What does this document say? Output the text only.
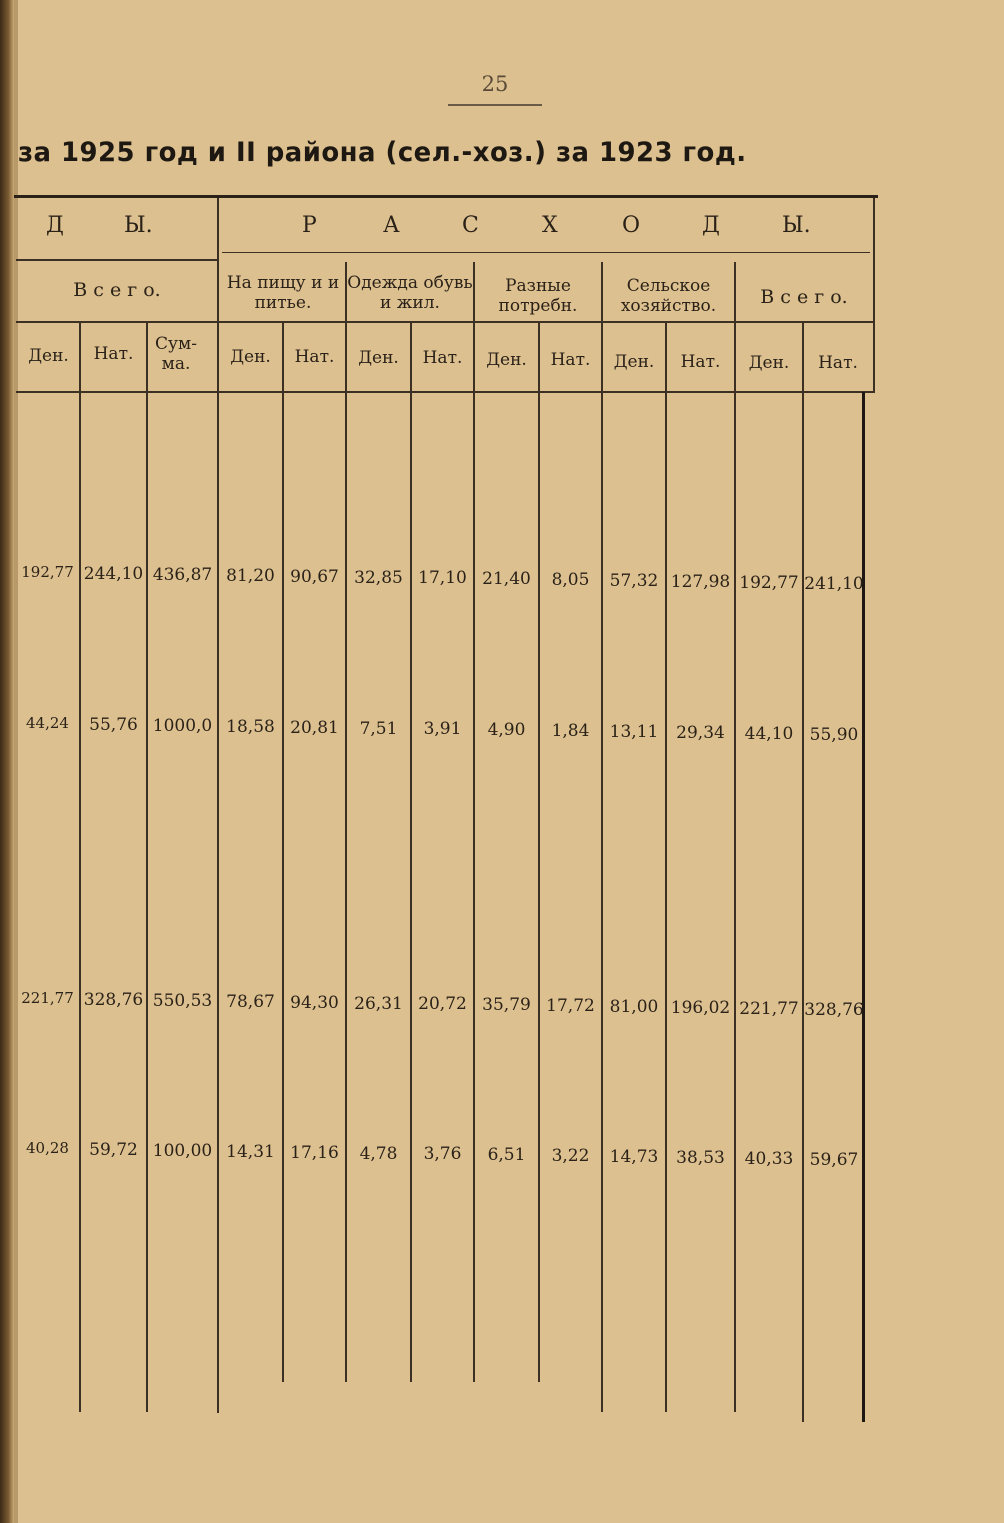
25
за 1925 год и II района (сел.-хоз.) за 1923 год.
Д	Ы.	Р	А	С	Х	О	Д	Ы.
В с е г о.	На пищу и и питье.
Одежда обувь и жил.
Разные потребн.
Сельское хозяйство.	В с е г о.
Ден.	Нат.	Сум-ма.	Ден.	Нат.	Ден.	Нат.	Ден.	Нат.	Ден.	Нат.	Ден.	Нат.
192,77 244,10 436,87 81,20 90,67 32,85 17,10 21,40	8,05	57,32 127,98 192,77 241,10
44,24	55,76 1000,0 18,58 20,81	7,51	3,91	4,90	1,84	13,11	29,34	44,10 55,90
221,77 328,76 550,53 78,67 94,30 26,31 20,72 35,79 17,72 81,00 196,02 221,77 328,76
40,28	59,72 100,00 14,31 17,16	4,78	3,76	6,51	3,22	14,73	38,53	40,33 59,67
